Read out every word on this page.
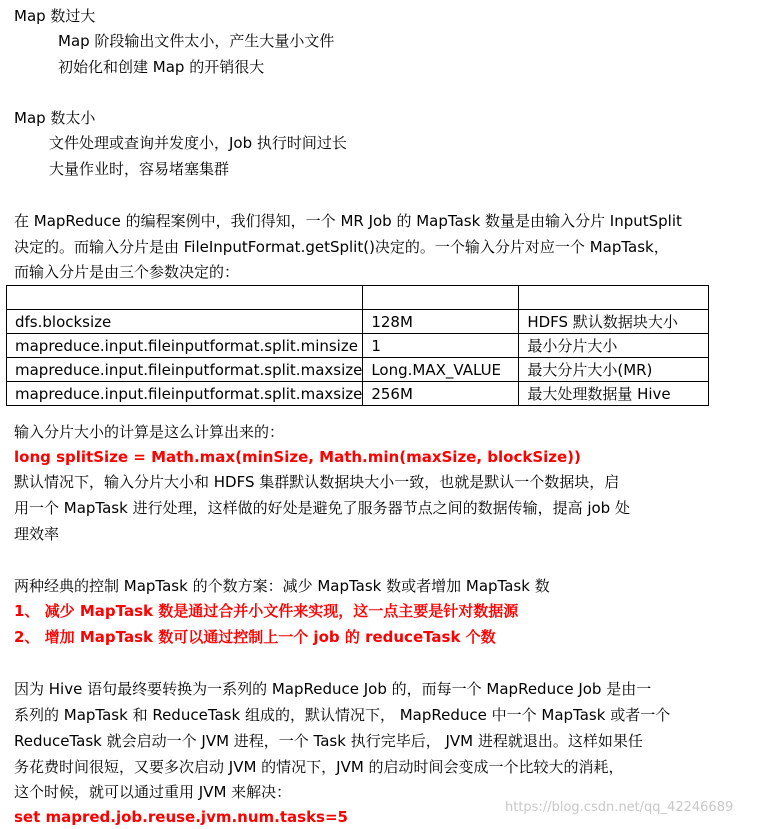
Map 数过大
Map 阶段输出文件太小，产生大量小文件
初始化和创建 Map 的开销很大
Map 数太小
文件处理或查询并发度小，Job 执行时间过长
大量作业时，容易堵塞集群
在 MapReduce 的编程案例中，我们得知，一个 MR Job 的 MapTask 数量是由输入分片 InputSplit
决定的。而输入分片是由 FileInputFormat.getSplit()决定的。一个输入分片对应一个 MapTask，
而输入分片是由三个参数决定的：

dfs.blocksize	128M	HDFS 默认数据块大小
mapreduce.input.fileinputformat.split.minsize	1	最小分片大小
mapreduce.input.fileinputformat.split.maxsize	Long.MAX_VALUE	最大分片大小(MR)
mapreduce.input.fileinputformat.split.maxsize	256M	最大处理数据量 Hive
输入分片大小的计算是这么计算出来的：
long splitSize = Math.max(minSize, Math.min(maxSize, blockSize))
默认情况下，输入分片大小和 HDFS 集群默认数据块大小一致，也就是默认一个数据块，启
用一个 MapTask 进行处理，这样做的好处是避免了服务器节点之间的数据传输，提高 job 处
理效率
两种经典的控制 MapTask 的个数方案：减少 MapTask 数或者增加 MapTask 数
1、 减少 MapTask 数是通过合并小文件来实现，这一点主要是针对数据源
2、 增加 MapTask 数可以通过控制上一个 job 的 reduceTask 个数
因为 Hive 语句最终要转换为一系列的 MapReduce Job 的，而每一个 MapReduce Job 是由一
系列的 MapTask 和 ReduceTask 组成的，默认情况下， MapReduce 中一个 MapTask 或者一个
ReduceTask 就会启动一个 JVM 进程，一个 Task 执行完毕后， JVM 进程就退出。这样如果任
务花费时间很短，又要多次启动 JVM 的情况下，JVM 的启动时间会变成一个比较大的消耗，
这个时候，就可以通过重用 JVM 来解决：
set mapred.job.reuse.jvm.num.tasks=5
https://blog.csdn.net/qq_42246689
